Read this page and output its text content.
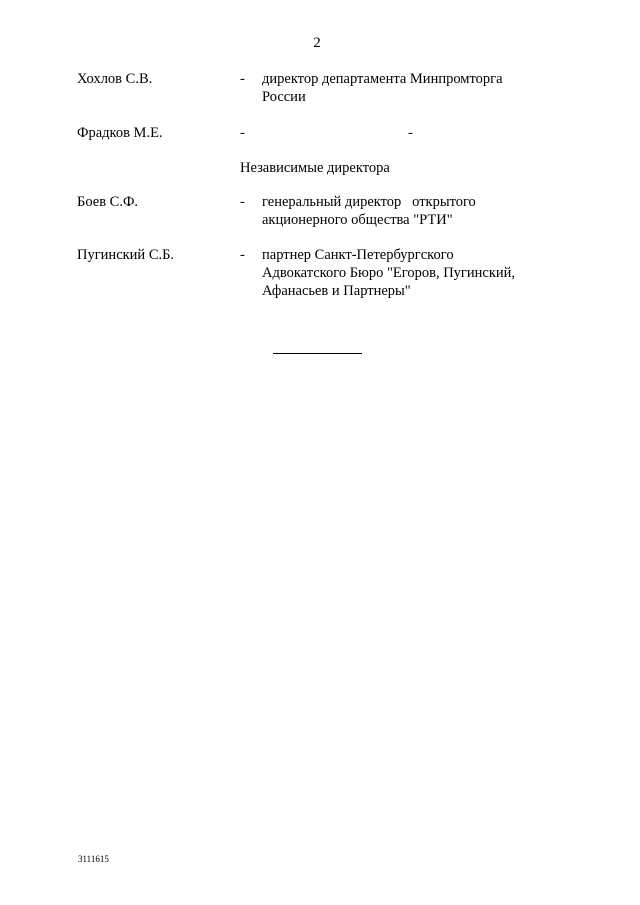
2
Хохлов С.В.	- директор департамента Минпромторга
России
Фрадков М.Е.	-	-
Независимые директора
Боев С.Ф.	- генеральный директор   открытого
акционерного общества "РТИ"
Пугинский С.Б.	- партнер Санкт-Петербургского
Адвокатского Бюро "Егоров, Пугинский,
Афанасьев и Партнеры"
3111615
